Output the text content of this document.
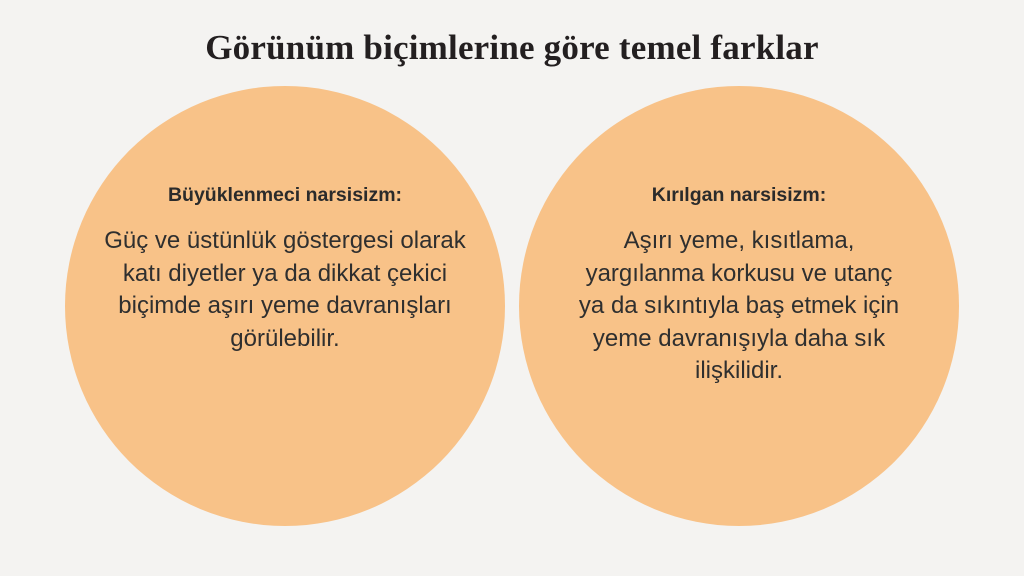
Görünüm biçimlerine göre temel farklar
Büyüklenmeci narsisizm:
Güç ve üstünlük göstergesi olarak katı diyetler ya da dikkat çekici biçimde aşırı yeme davranışları görülebilir.
Kırılgan narsisizm:
Aşırı yeme, kısıtlama, yargılanma korkusu ve utanç ya da sıkıntıyla baş etmek için yeme davranışıyla daha sık ilişkilidir.
